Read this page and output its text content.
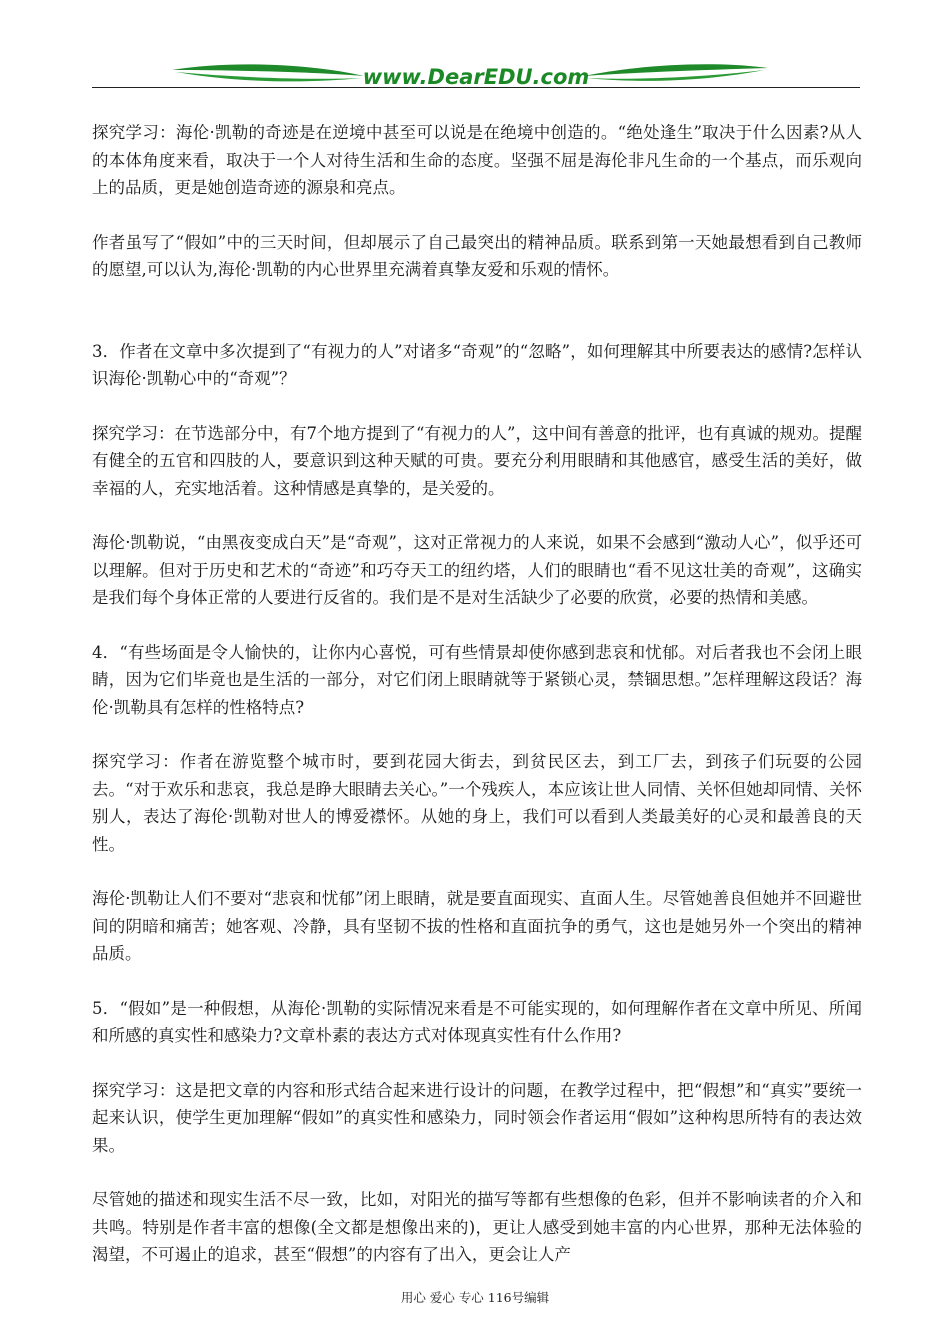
www.DearEDU.com

探究学习：海伦·凯勒的奇迹是在逆境中甚至可以说是在绝境中创造的。“绝处逢生”取决于什么因素?从人的本体角度来看，取决于一个人对待生活和生命的态度。坚强不屈是海伦非凡生命的一个基点，而乐观向上的品质，更是她创造奇迹的源泉和亮点。

作者虽写了“假如”中的三天时间，但却展示了自己最突出的精神品质。联系到第一天她最想看到自己教师的愿望,可以认为,海伦·凯勒的内心世界里充满着真挚友爱和乐观的情怀。

3．作者在文章中多次提到了“有视力的人”对诸多“奇观”的“忽略”，如何理解其中所要表达的感情?怎样认识海伦·凯勒心中的“奇观”？

探究学习：在节选部分中，有7个地方提到了“有视力的人”，这中间有善意的批评，也有真诚的规劝。提醒有健全的五官和四肢的人，要意识到这种天赋的可贵。要充分利用眼睛和其他感官，感受生活的美好，做幸福的人，充实地活着。这种情感是真挚的，是关爱的。

海伦·凯勒说，“由黑夜变成白天”是“奇观”，这对正常视力的人来说，如果不会感到“激动人心”，似乎还可以理解。但对于历史和艺术的“奇迹”和巧夺天工的纽约塔，人们的眼睛也“看不见这壮美的奇观”，这确实是我们每个身体正常的人要进行反省的。我们是不是对生活缺少了必要的欣赏，必要的热情和美感。

4．“有些场面是令人愉快的，让你内心喜悦，可有些情景却使你感到悲哀和忧郁。对后者我也不会闭上眼睛，因为它们毕竟也是生活的一部分，对它们闭上眼睛就等于紧锁心灵，禁锢思想。”怎样理解这段话？海伦·凯勒具有怎样的性格特点?

探究学习：作者在游览整个城市时，要到花园大街去，到贫民区去，到工厂去，到孩子们玩耍的公园去。“对于欢乐和悲哀，我总是睁大眼睛去关心。”一个残疾人，本应该让世人同情、关怀但她却同情、关怀别人，表达了海伦·凯勒对世人的博爱襟怀。从她的身上，我们可以看到人类最美好的心灵和最善良的天性。

海伦·凯勒让人们不要对“悲哀和忧郁”闭上眼睛，就是要直面现实、直面人生。尽管她善良但她并不回避世间的阴暗和痛苦；她客观、冷静，具有坚韧不拔的性格和直面抗争的勇气，这也是她另外一个突出的精神品质。

5．“假如”是一种假想，从海伦·凯勒的实际情况来看是不可能实现的，如何理解作者在文章中所见、所闻和所感的真实性和感染力?文章朴素的表达方式对体现真实性有什么作用?

探究学习：这是把文章的内容和形式结合起来进行设计的问题，在教学过程中，把“假想”和“真实”要统一起来认识，使学生更加理解“假如”的真实性和感染力，同时领会作者运用“假如”这种构思所特有的表达效果。

尽管她的描述和现实生活不尽一致，比如，对阳光的描写等都有些想像的色彩，但并不影响读者的介入和共鸣。特别是作者丰富的想像(全文都是想像出来的)，更让人感受到她丰富的内心世界，那种无法体验的渴望，不可遏止的追求，甚至“假想”的内容有了出入，更会让人产

用心 爱心 专心 116号编辑
